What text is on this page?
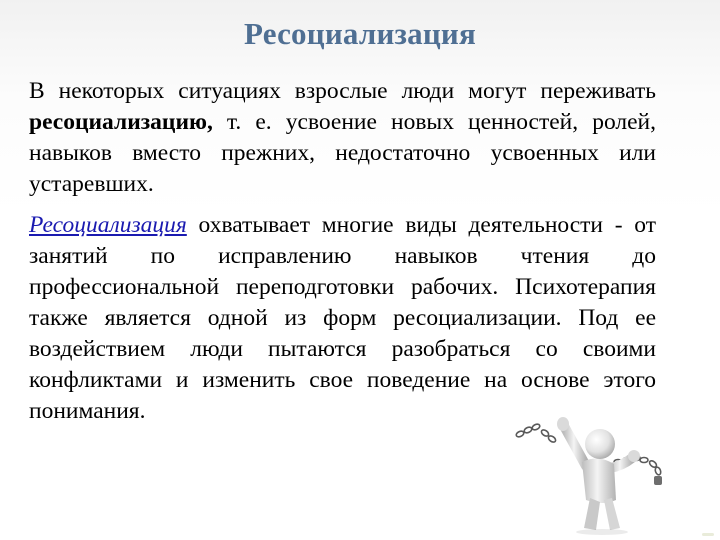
Ресоциализация

В некоторых ситуациях взрослые люди могут переживать ресоциализацию, т. е. усвоение новых ценностей, ролей, навыков вместо прежних, недостаточно усвоенных или устаревших.

Ресоциализация охватывает многие виды деятельности - от занятий по исправлению навыков чтения до профессиональной переподготовки рабочих. Психотерапия также является одной из форм ресоциализации. Под ее воздействием люди пытаются разобраться со своими конфликтами и изменить свое поведение на основе этого понимания.
